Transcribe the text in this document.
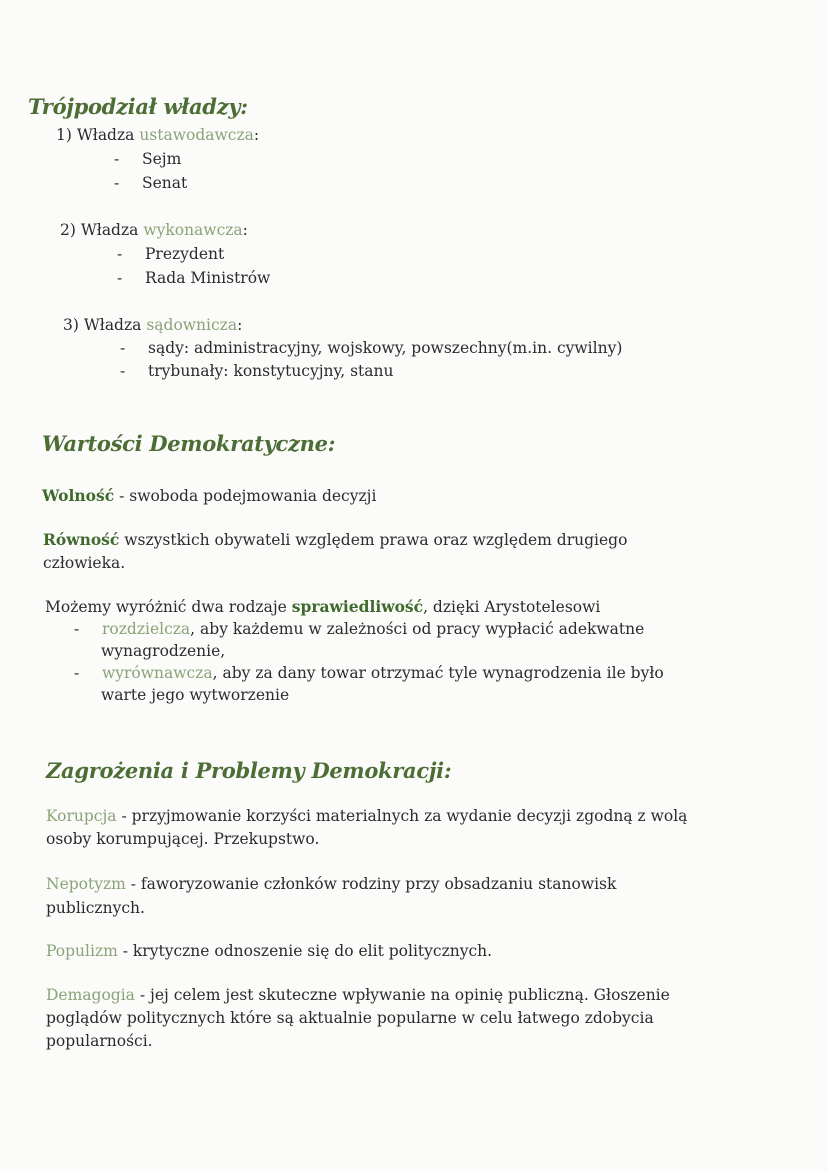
Trójpodział władzy:
1) Władza ustawodawcza:
- Sejm
- Senat
2) Władza wykonawcza:
- Prezydent
- Rada Ministrów
3) Władza sądownicza:
- sądy: administracyjny, wojskowy, powszechny(m.in. cywilny)
- trybunały: konstytucyjny, stanu
Wartości Demokratyczne:
Wolność - swoboda podejmowania decyzji
Równość wszystkich obywateli względem prawa oraz względem drugiego
człowieka.
Możemy wyróżnić dwa rodzaje sprawiedliwość, dzięki Arystotelesowi
- rozdzielcza, aby każdemu w zależności od pracy wypłacić adekwatne
wynagrodzenie,
- wyrównawcza, aby za dany towar otrzymać tyle wynagrodzenia ile było
warte jego wytworzenie
Zagrożenia i Problemy Demokracji:
Korupcja - przyjmowanie korzyści materialnych za wydanie decyzji zgodną z wolą
osoby korumpującej. Przekupstwo.
Nepotyzm - faworyzowanie członków rodziny przy obsadzaniu stanowisk
publicznych.
Populizm - krytyczne odnoszenie się do elit politycznych.
Demagogia - jej celem jest skuteczne wpływanie na opinię publiczną. Głoszenie
poglądów politycznych które są aktualnie popularne w celu łatwego zdobycia
popularności.
